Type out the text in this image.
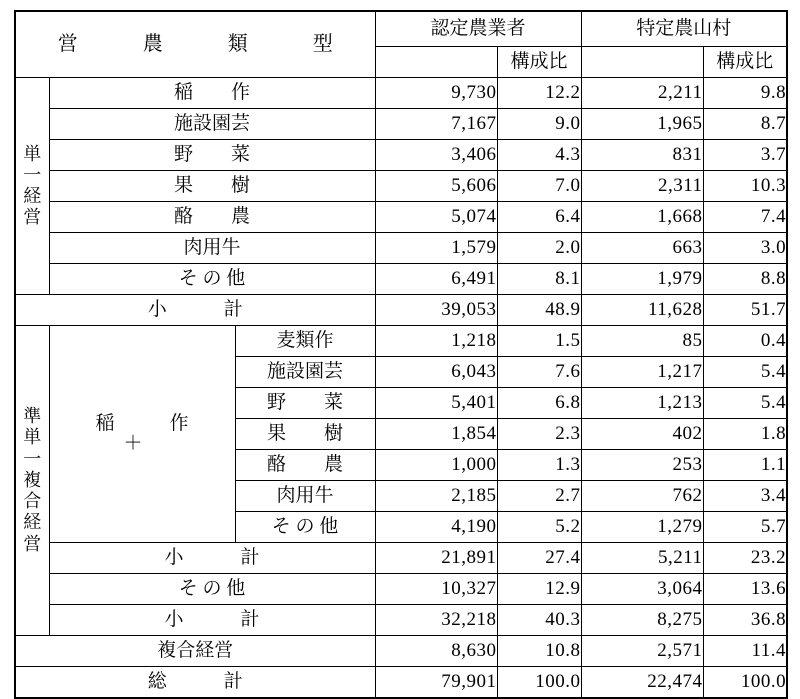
営 農 類 型			認定農業者		特定農山村	
				構成比		構成比

単
一
経
営	稲　　作		9,730	12.2	2,211	9.8
	施設園芸		7,167	9.0	1,965	8.7
	野　　菜		3,406	4.3	831	3.7
	果　　樹		5,606	7.0	2,311	10.3
	酪　　農		5,074	6.4	1,668	7.4
	肉用牛		1,579	2.0	663	3.0
	そ の 他		6,491	8.1	1,979	8.8
小　　　計			39,053	48.9	11,628	51.7

準
単
一
複
合
経
営
	稲　作　＋	麦類作	1,218	1.5	85	0.4
		施設園芸	6,043	7.6	1,217	5.4
		野　　菜	5,401	6.8	1,213	5.4
		果　　樹	1,854	2.3	402	1.8
		酪　　農	1,000	1.3	253	1.1
		肉用牛	2,185	2.7	762	3.4
		そ の 他	4,190	5.2	1,279	5.7
	小　　　計		21,891	27.4	5,211	23.2
	そ の 他		10,327	12.9	3,064	13.6
	小　　　計		32,218	40.3	8,275	36.8
複合経営			8,630	10.8	2,571	11.4
総　　　計			79,901	100.0	22,474	100.0
